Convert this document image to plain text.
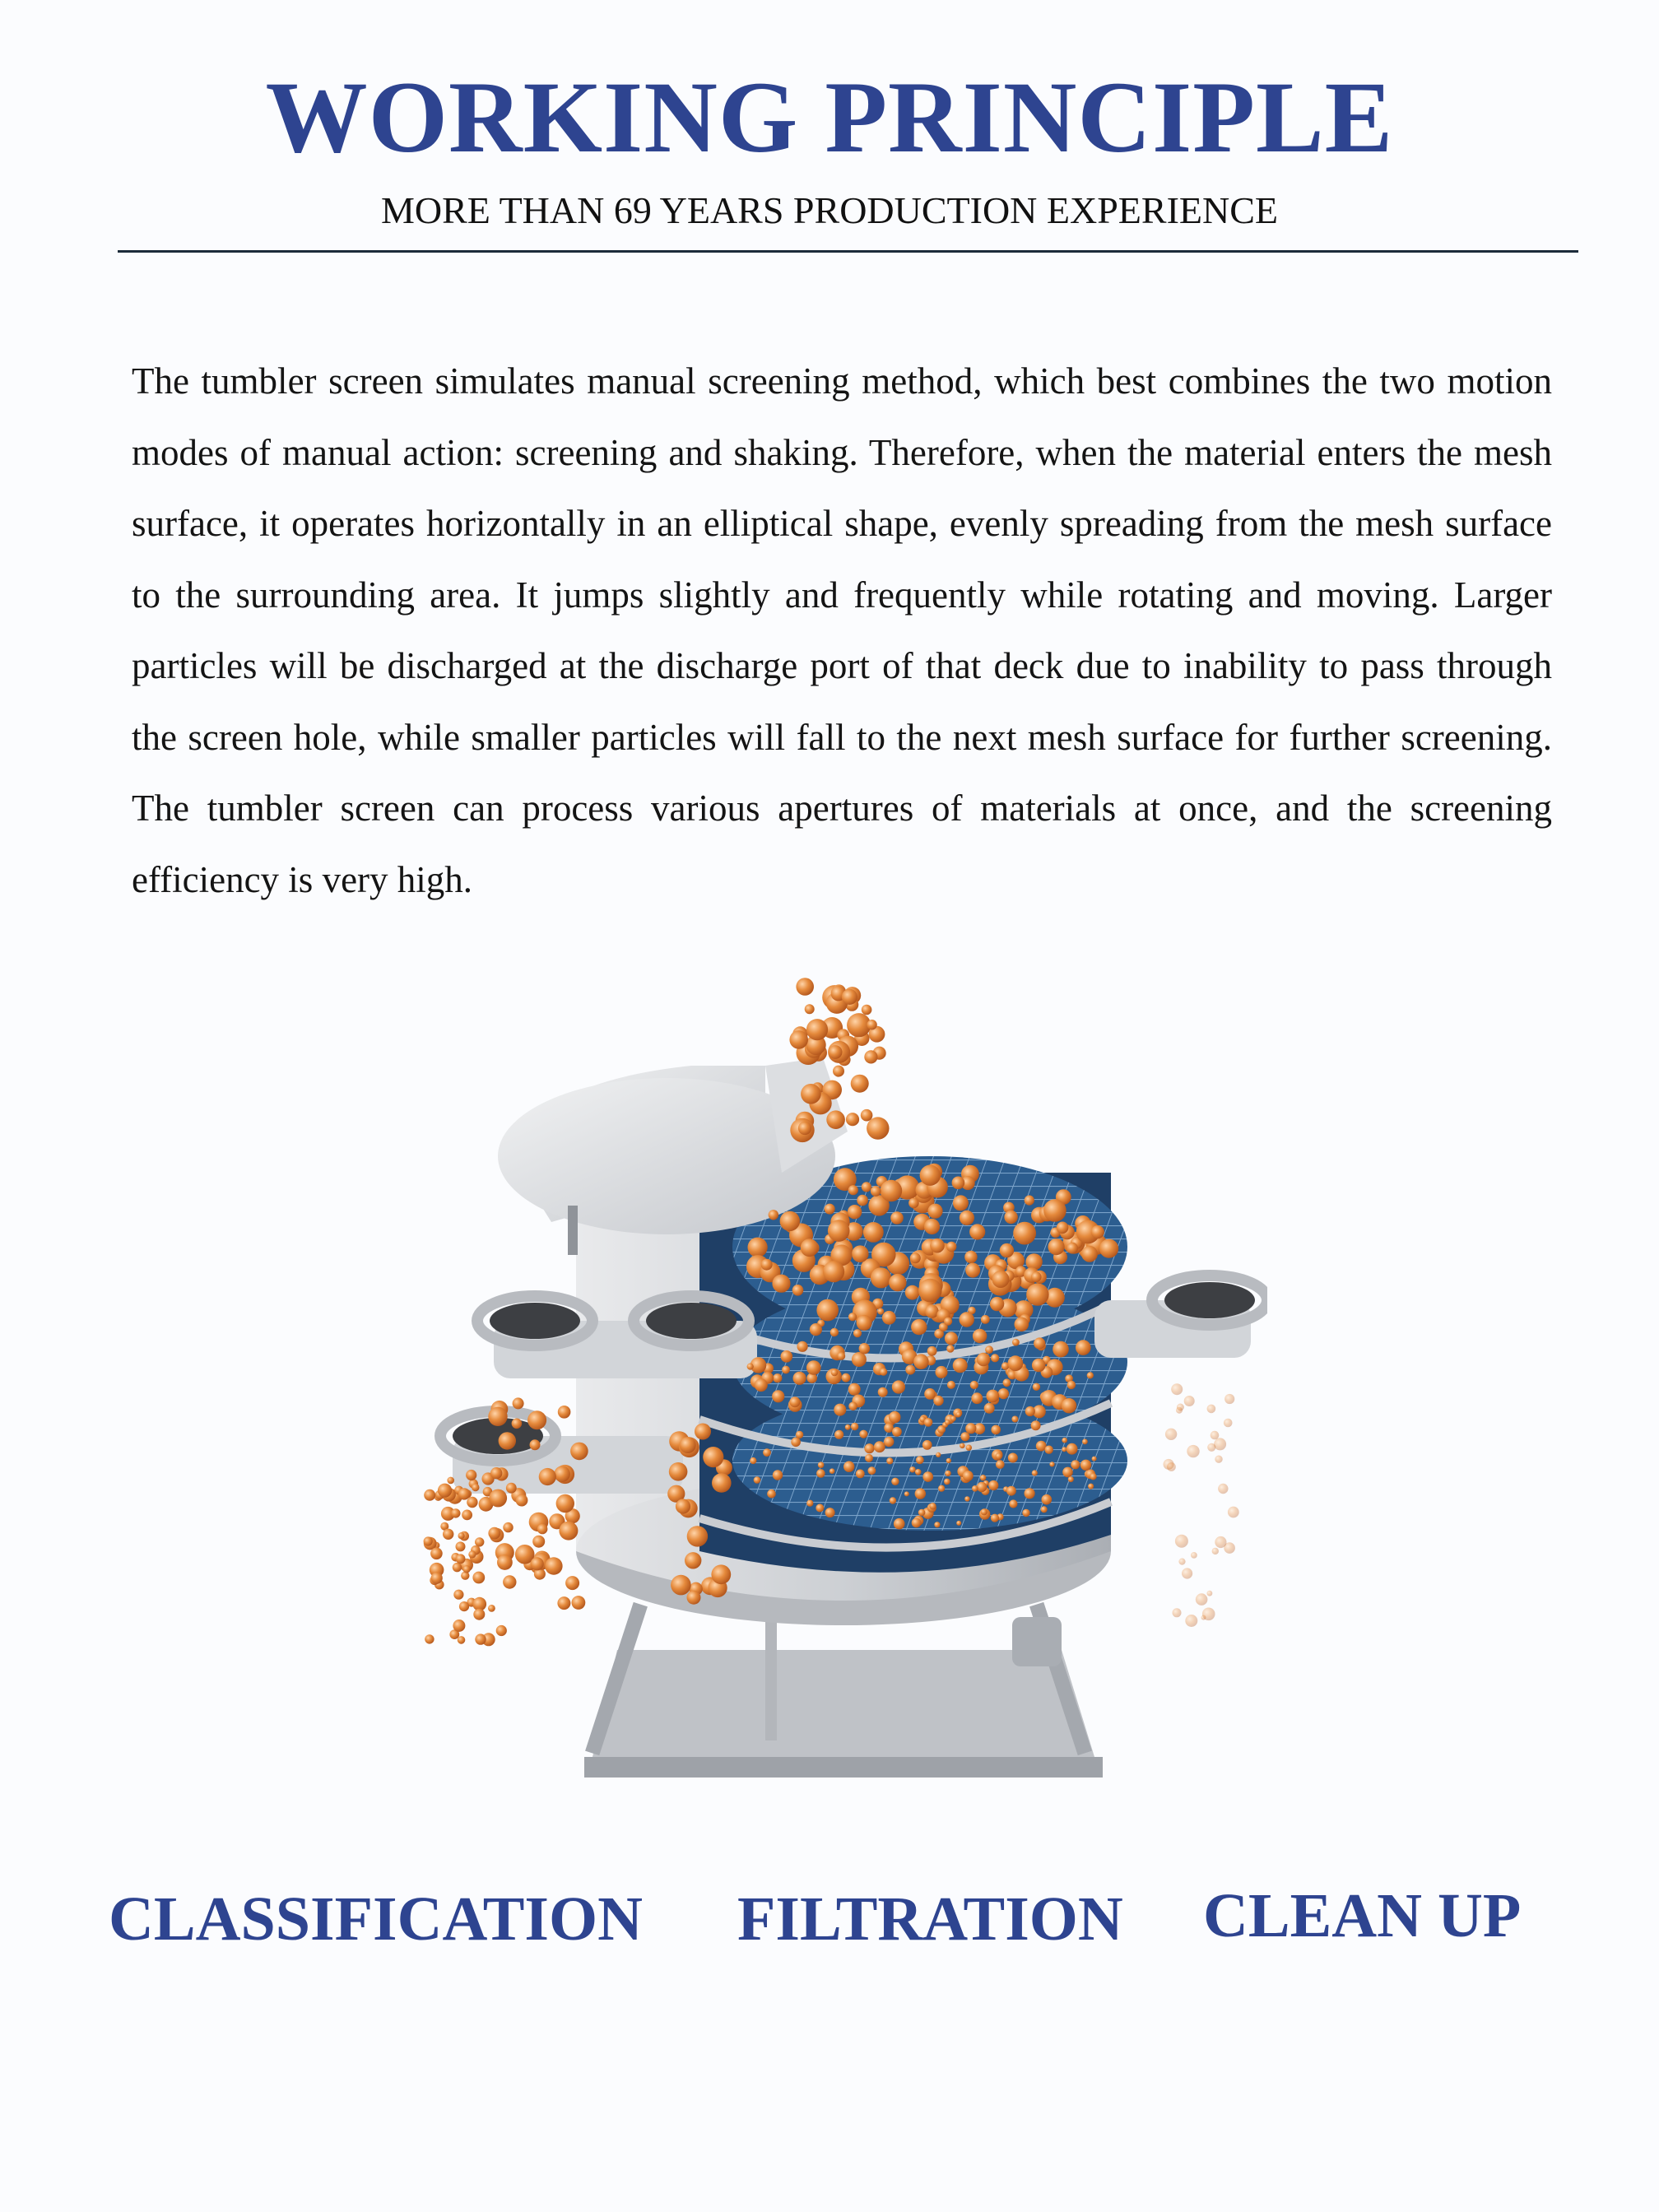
WORKING PRINCIPLE
MORE THAN 69 YEARS PRODUCTION EXPERIENCE

The tumbler screen simulates manual screening method, which best combines the two motion modes of manual action: screening and shaking. Therefore, when the material enters the mesh surface, it operates horizontally in an elliptical shape, evenly spreading from the mesh surface to the surrounding area. It jumps slightly and frequently while rotating and moving. Larger particles will be discharged at the discharge port of that deck due to inability to pass through the screen hole, while smaller particles will fall to the next mesh surface for further screening. The tumbler screen can process various apertures of materials at once, and the screening efficiency is very high.

CLASSIFICATION FILTRATION CLEAN UP
